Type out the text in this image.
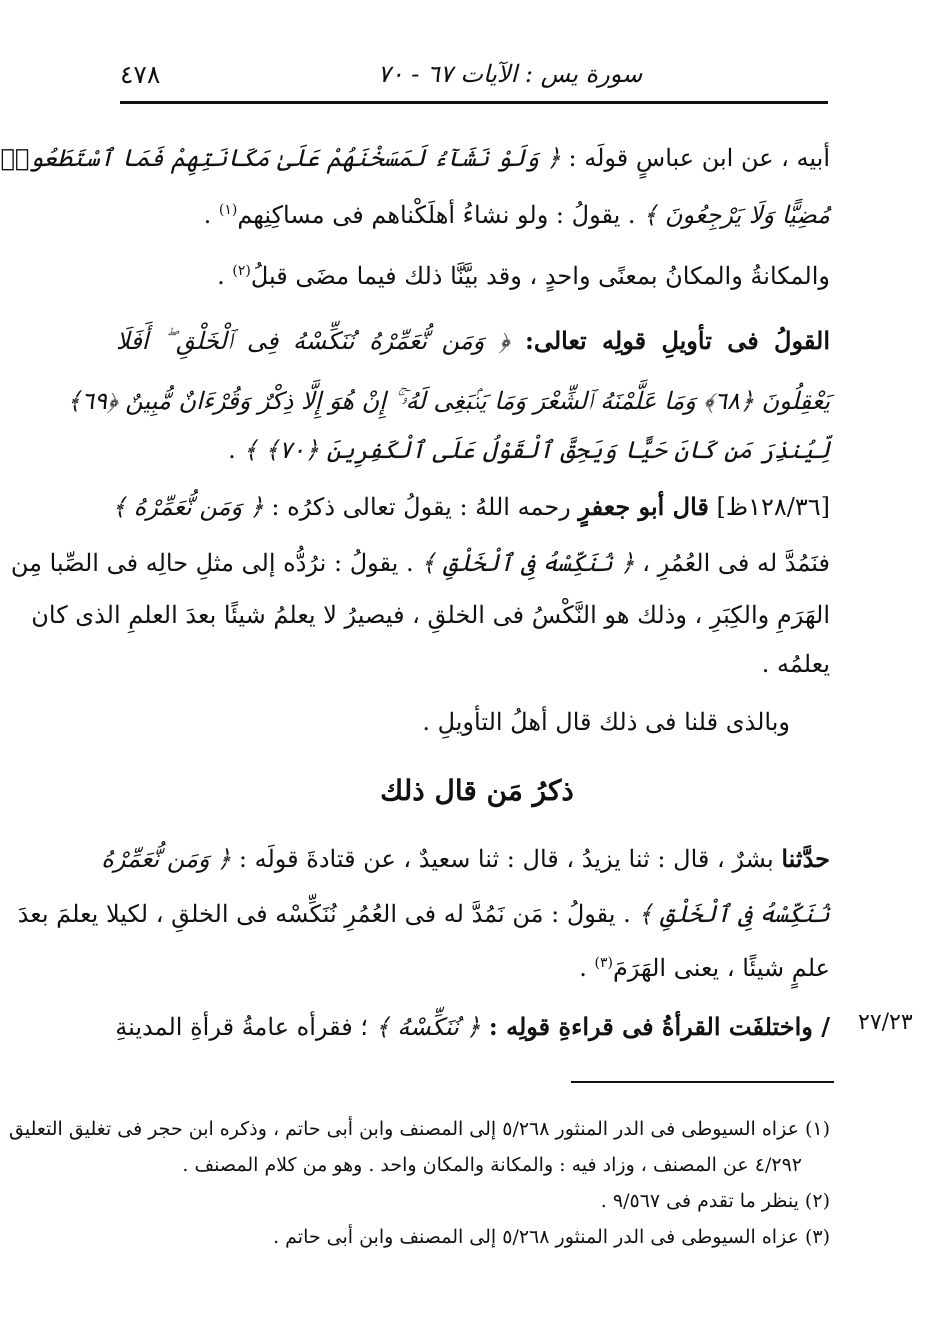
٤٧٨	سورة يس : الآيات ٦٧ - ٧٠
أبيه ، عن ابن عباسٍ قولَه : ﴿ وَلَوْ نَشَآءُ لَمَسَخْنَهُمْ عَلَىٰ مَكَانَتِهِمْ فَمَا ٱسْتَطَعُوا۟
مُضِيًّا وَلَا يَرْجِعُونَ ﴾ . يقولُ : ولو نشاءُ أهلَكْناهم فى مساكِنِهم$^{(١)}$ .
والمكانةُ والمكانُ بمعنًى واحدٍ ، وقد بيَّنَّا ذلك فيما مضَى قبلُ$^{(٢)}$ .
القولُ فى تأويلِ قولِه تعالى: ﴿ وَمَن نُّعَمِّرْهُ نُنَكِّسْهُ فِى ٱلْخَلْقِ ۖ أَفَلَا
يَعْقِلُونَ ﴿٦٨﴾ وَمَا عَلَّمْنَهُ ٱلشِّعْرَ وَمَا يَنۢبَغِى لَهُۥٓ ۚ إِنْ هُوَ إِلَّا ذِكْرٌ وَقُرْءَانٌ مُّبِينٌ ﴿٦٩﴾
لِّيُنذِرَ مَن كَانَ حَيًّا وَيَحِقَّ ٱلْقَوْلُ عَلَى ٱلْكَفِرِينَ ﴿٧٠﴾ ﴾ .
[١٢٨/٣٦ظ] قال أبو جعفرٍ رحمه اللهُ : يقولُ تعالى ذكرُه : ﴿ وَمَن نُّعَمِّرْهُ ﴾
فنَمُدَّ له فى العُمُرِ ، ﴿ نُنَكِّسْهُ فِى ٱلْخَلْقِ ﴾ . يقولُ : نرُدُّه إلى مثلِ حالِه فى الصِّبا مِن
الهَرَمِ والكِبَرِ ، وذلك هو النَّكْسُ فى الخلقِ ، فيصيرُ لا يعلمُ شيئًا بعدَ العلمِ الذى كان
يعلمُه .
وبالذى قلنا فى ذلك قال أهلُ التأويلِ .
ذكرُ مَن قال ذلك
حدَّثنا بشرٌ ، قال : ثنا يزيدُ ، قال : ثنا سعيدٌ ، عن قتادةَ قولَه : ﴿ وَمَن نُّعَمِّرْهُ
نُنَكِّسْهُ فِى ٱلْخَلْقِ ﴾ . يقولُ : مَن نَمُدَّ له فى العُمُرِ نُنَكِّسْه فى الخلقِ ، لكيلا يعلمَ بعدَ
علمٍ شيئًا ، يعنى الهَرَمَ$^{(٣)}$ .
/ واختلفَت القرأةُ فى قراءةِ قولِه : ﴿ نُنَكِّسْهُ ﴾ ؛ فقرأه عامةُ قرأةِ المدينةِ	٢٧/٢٣
(١) عزاه السيوطى فى الدر المنثور ٥/٢٦٨ إلى المصنف وابن أبى حاتم ، وذكره ابن حجر فى تغليق التعليق
٤/٢٩٢ عن المصنف ، وزاد فيه : والمكانة والمكان واحد . وهو من كلام المصنف .
(٢) ينظر ما تقدم فى ٩/٥٦٧ .
(٣) عزاه السيوطى فى الدر المنثور ٥/٢٦٨ إلى المصنف وابن أبى حاتم .
